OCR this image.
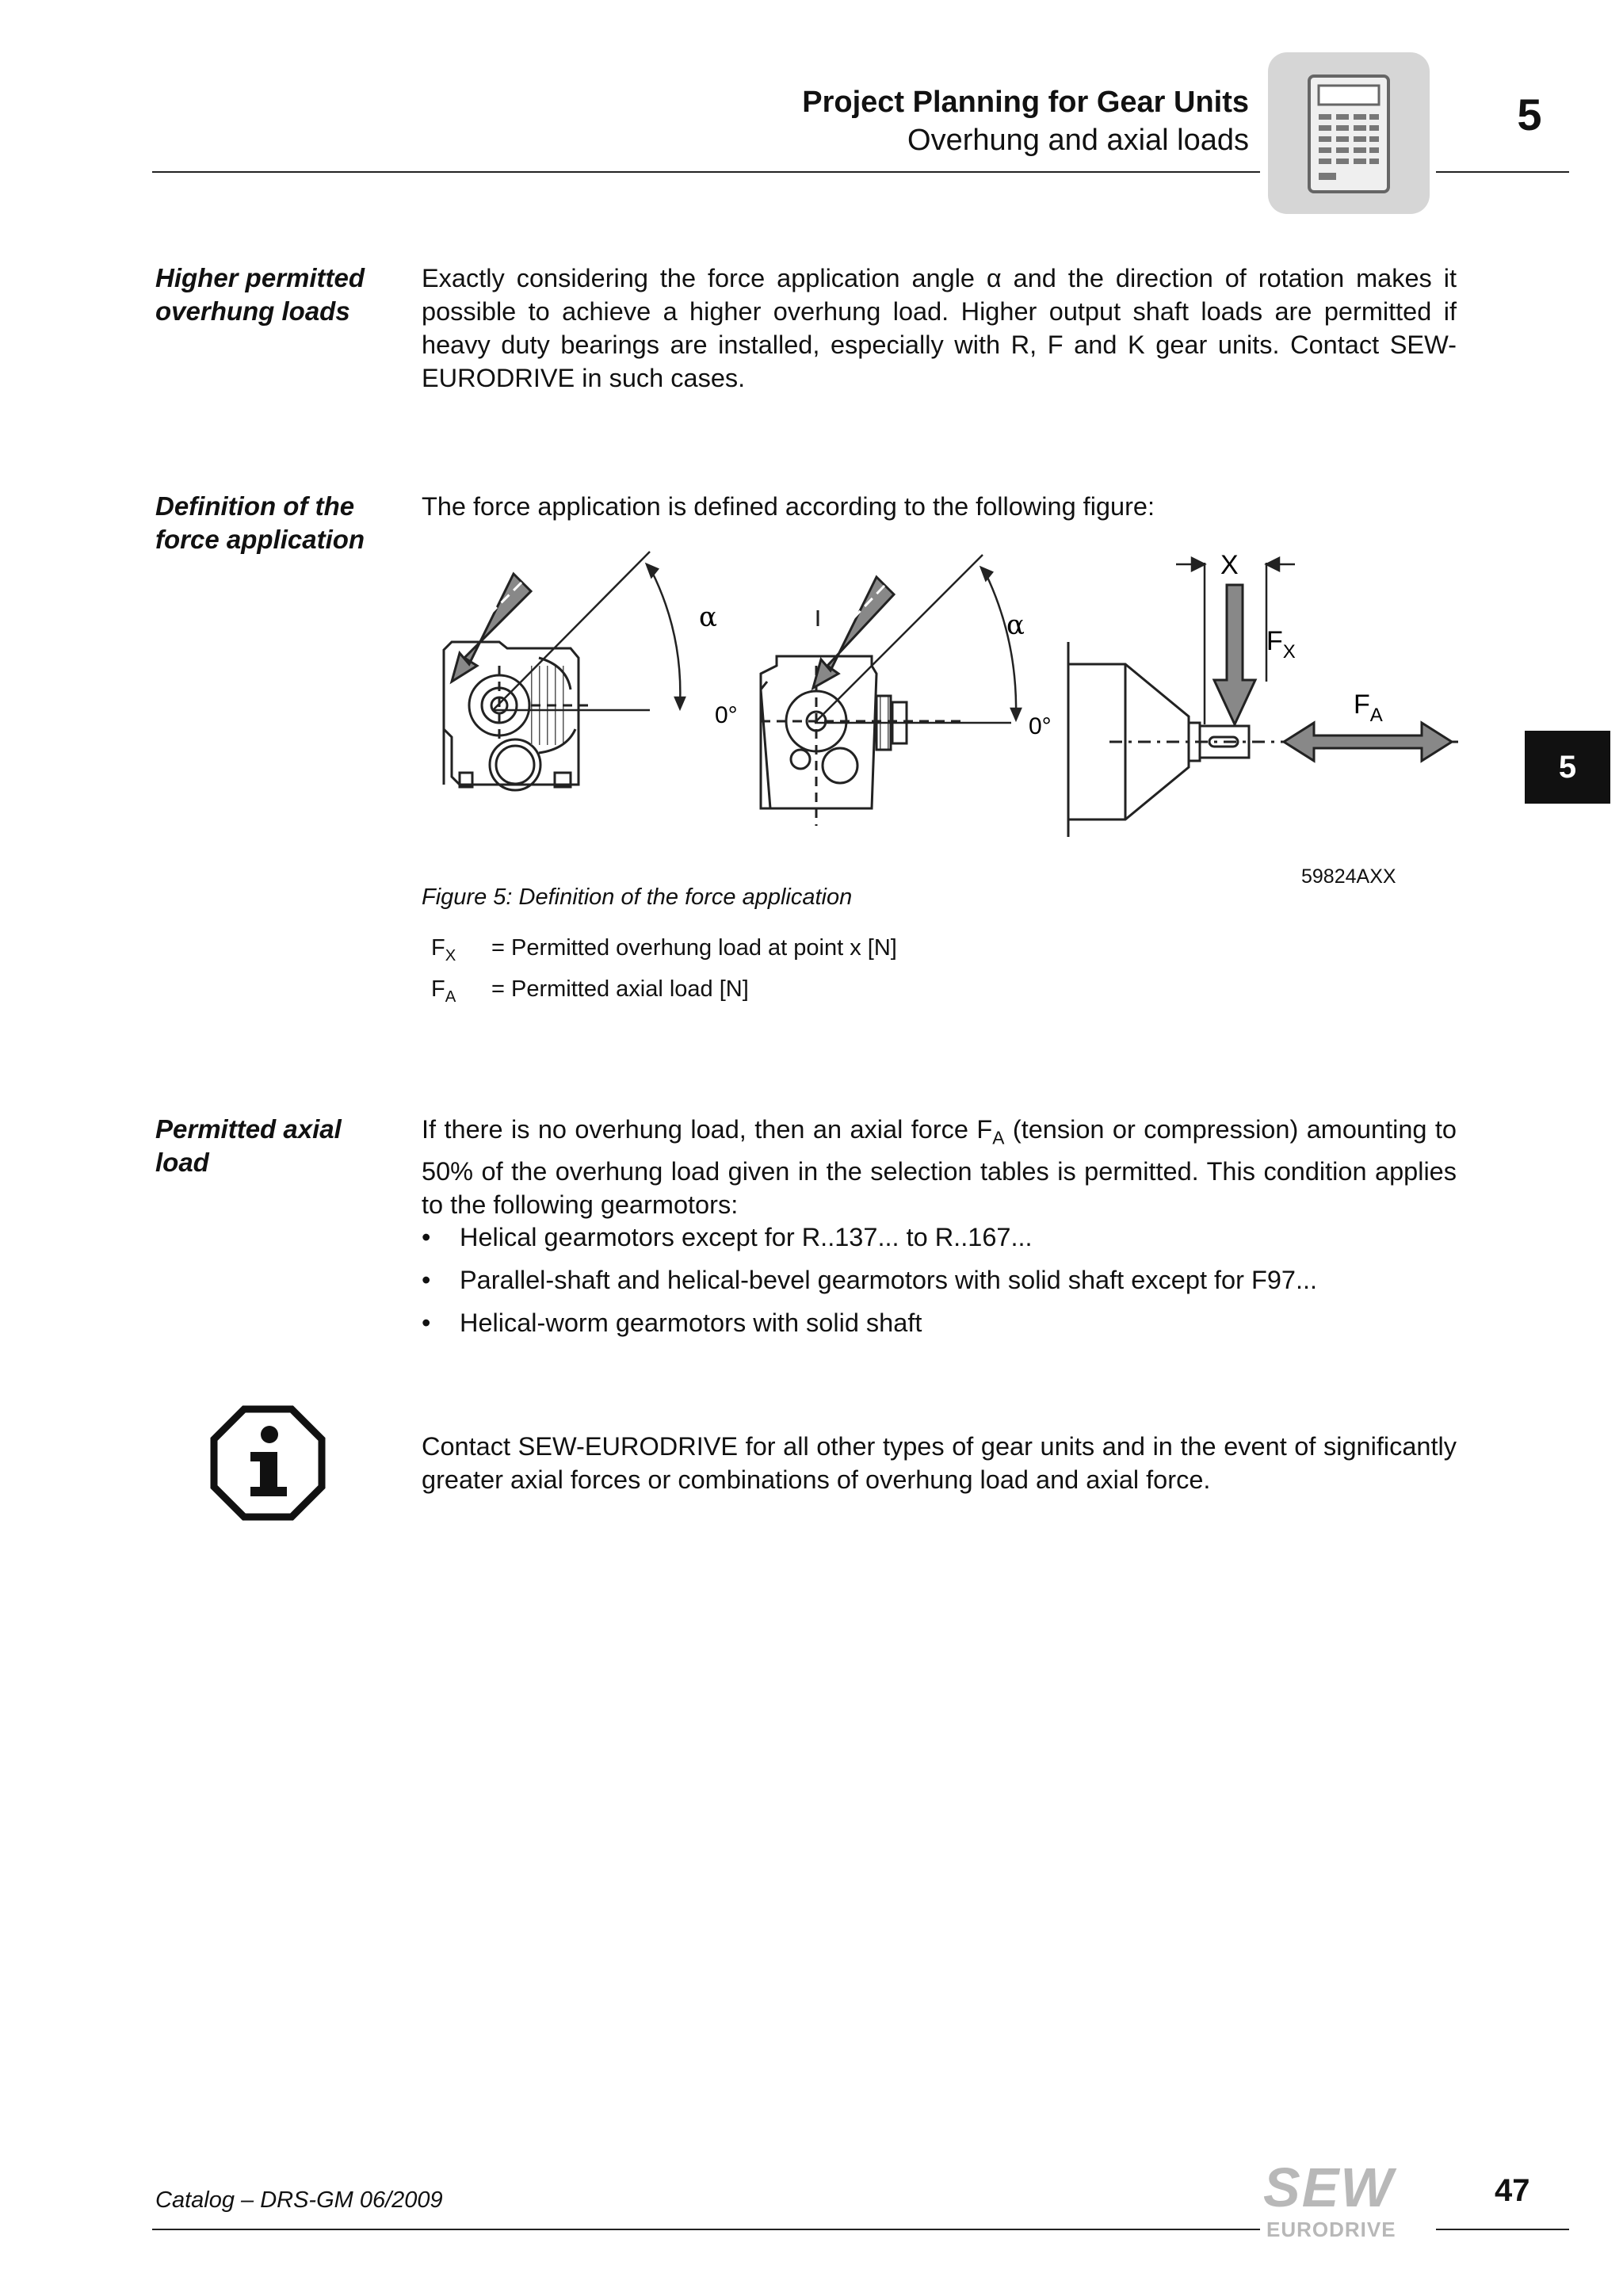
Project Planning for Gear Units
Overhung and axial loads
5
5
Higher permitted
overhung loads
Exactly considering the force application angle α and the direction of rotation makes it possible to achieve a higher overhung load. Higher output shaft loads are permitted if heavy duty bearings are installed, especially with R, F and K gear units. Contact SEW-EURODRIVE in such cases.
Definition of the
force application
The force application is defined according to the following figure:
α
0°
α
0°
X
$F_X$
$F_A$
59824AXX
Figure 5: Definition of the force application
$F_X$ = Permitted overhung load at point x [N]
$F_A$ = Permitted axial load [N]
Permitted axial
load
If there is no overhung load, then an axial force $F_A$ (tension or compression) amounting to 50% of the overhung load given in the selection tables is permitted. This condition applies to the following gearmotors:
• Helical gearmotors except for R..137... to R..167...
• Parallel-shaft and helical-bevel gearmotors with solid shaft except for F97...
• Helical-worm gearmotors with solid shaft
Contact SEW-EURODRIVE for all other types of gear units and in the event of significantly greater axial forces or combinations of overhung load and axial force.
Catalog – DRS-GM 06/2009	SEW
EURODRIVE
47
